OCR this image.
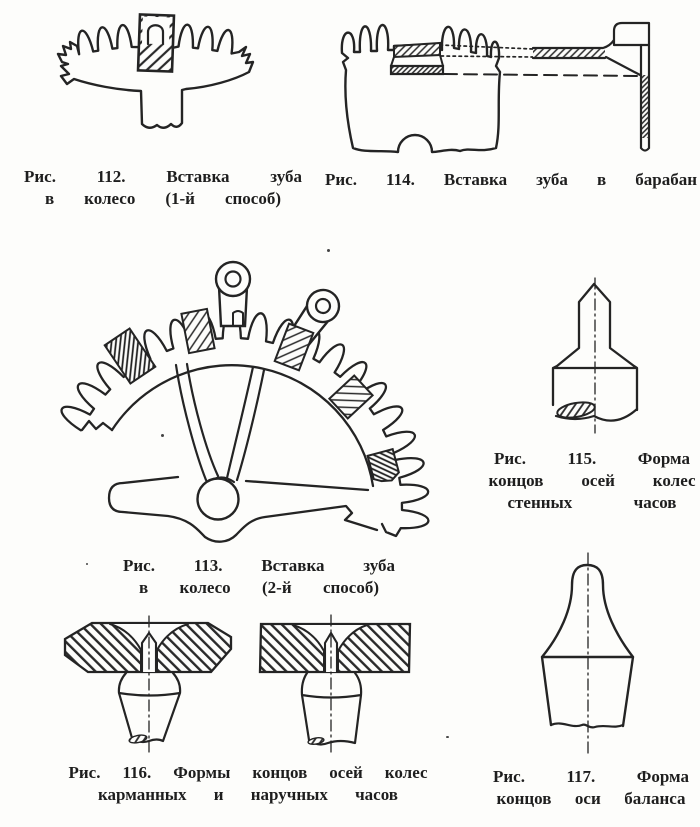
Рис. 112. Вставка зуба
в колесо (1-й способ)
Рис. 114. Вставка зуба в барабан
Рис. 113. Вставка зуба
в колесо (2-й способ)
Рис. 115. Форма
концов осей колес
стенных часов
Рис. 116. Формы концов осей колес
карманных и наручных часов
Рис. 117. Форма
концов оси баланса
